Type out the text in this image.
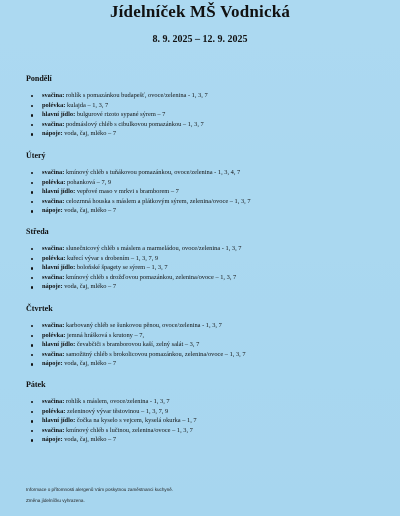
Jídelníček MŠ Vodnická
8. 9. 2025 – 12. 9. 2025
Pondělí
svačina: rohlík s pomazánkou budapešť, ovoce/zelenina - 1, 3, 7
polévka: kulajda – 1, 3, 7
hlavní jídlo: bulgurové rizoto sypané sýrem – 7
svačina: podmáslový chléb s cibulkovou pomazánkou – 1, 3, 7
nápoje: voda, čaj, mléko – 7
Úterý
svačina: kmínový chléb s tuňákovou pomazánkou, ovoce/zelenina - 1, 3, 4, 7
polévka: pohanková – 7, 9
hlavní jídlo: vepřové maso v mrkvi s bramborem – 7
svačina: celozrnná houska s máslem a plátkovým sýrem, zelenina/ovoce – 1, 3, 7
nápoje: voda, čaj, mléko – 7
Středa
svačina: slunečnicový chléb s máslem a marmeládou, ovoce/zelenina - 1, 3, 7
polévka: kuřecí vývar s drobením – 1, 3, 7, 9
hlavní jídlo: boloňské špagety se sýrem – 1, 3, 7
svačina: kmínový chléb s drožďovou pomazánkou, zelenina/ovoce – 1, 3, 7
nápoje: voda, čaj, mléko – 7
Čtvrtek
svačina: karbovaný chléb se šunkovou pěnou, ovoce/zelenina - 1, 3, 7
polévka: jemná hrášková s krutony – 7,
hlavní jídlo: čevabčiči s bramborovou kaší, zelný salát – 3, 7
svačina: samožitný chléb s brokolicovou pomazánkou, zelenina/ovoce – 1, 3, 7
nápoje: voda, čaj, mléko – 7
Pátek
svačina: rohlík s máslem, ovoce/zelenina - 1, 3, 7
polévka: zeleninový vývar těstovinou – 1, 3, 7, 9
hlavní jídlo: čočka na kyselo s vejcem, kyselá okurka – 1, 7
svačina: kmínový chléb s lučinou, zelenina/ovoce – 1, 3, 7
nápoje: voda, čaj, mléko – 7
Informace o přítomnosti alergenů Vám poskytnou zaměstnanci kuchyně.
Změna jídelníčku vyhrazena.
